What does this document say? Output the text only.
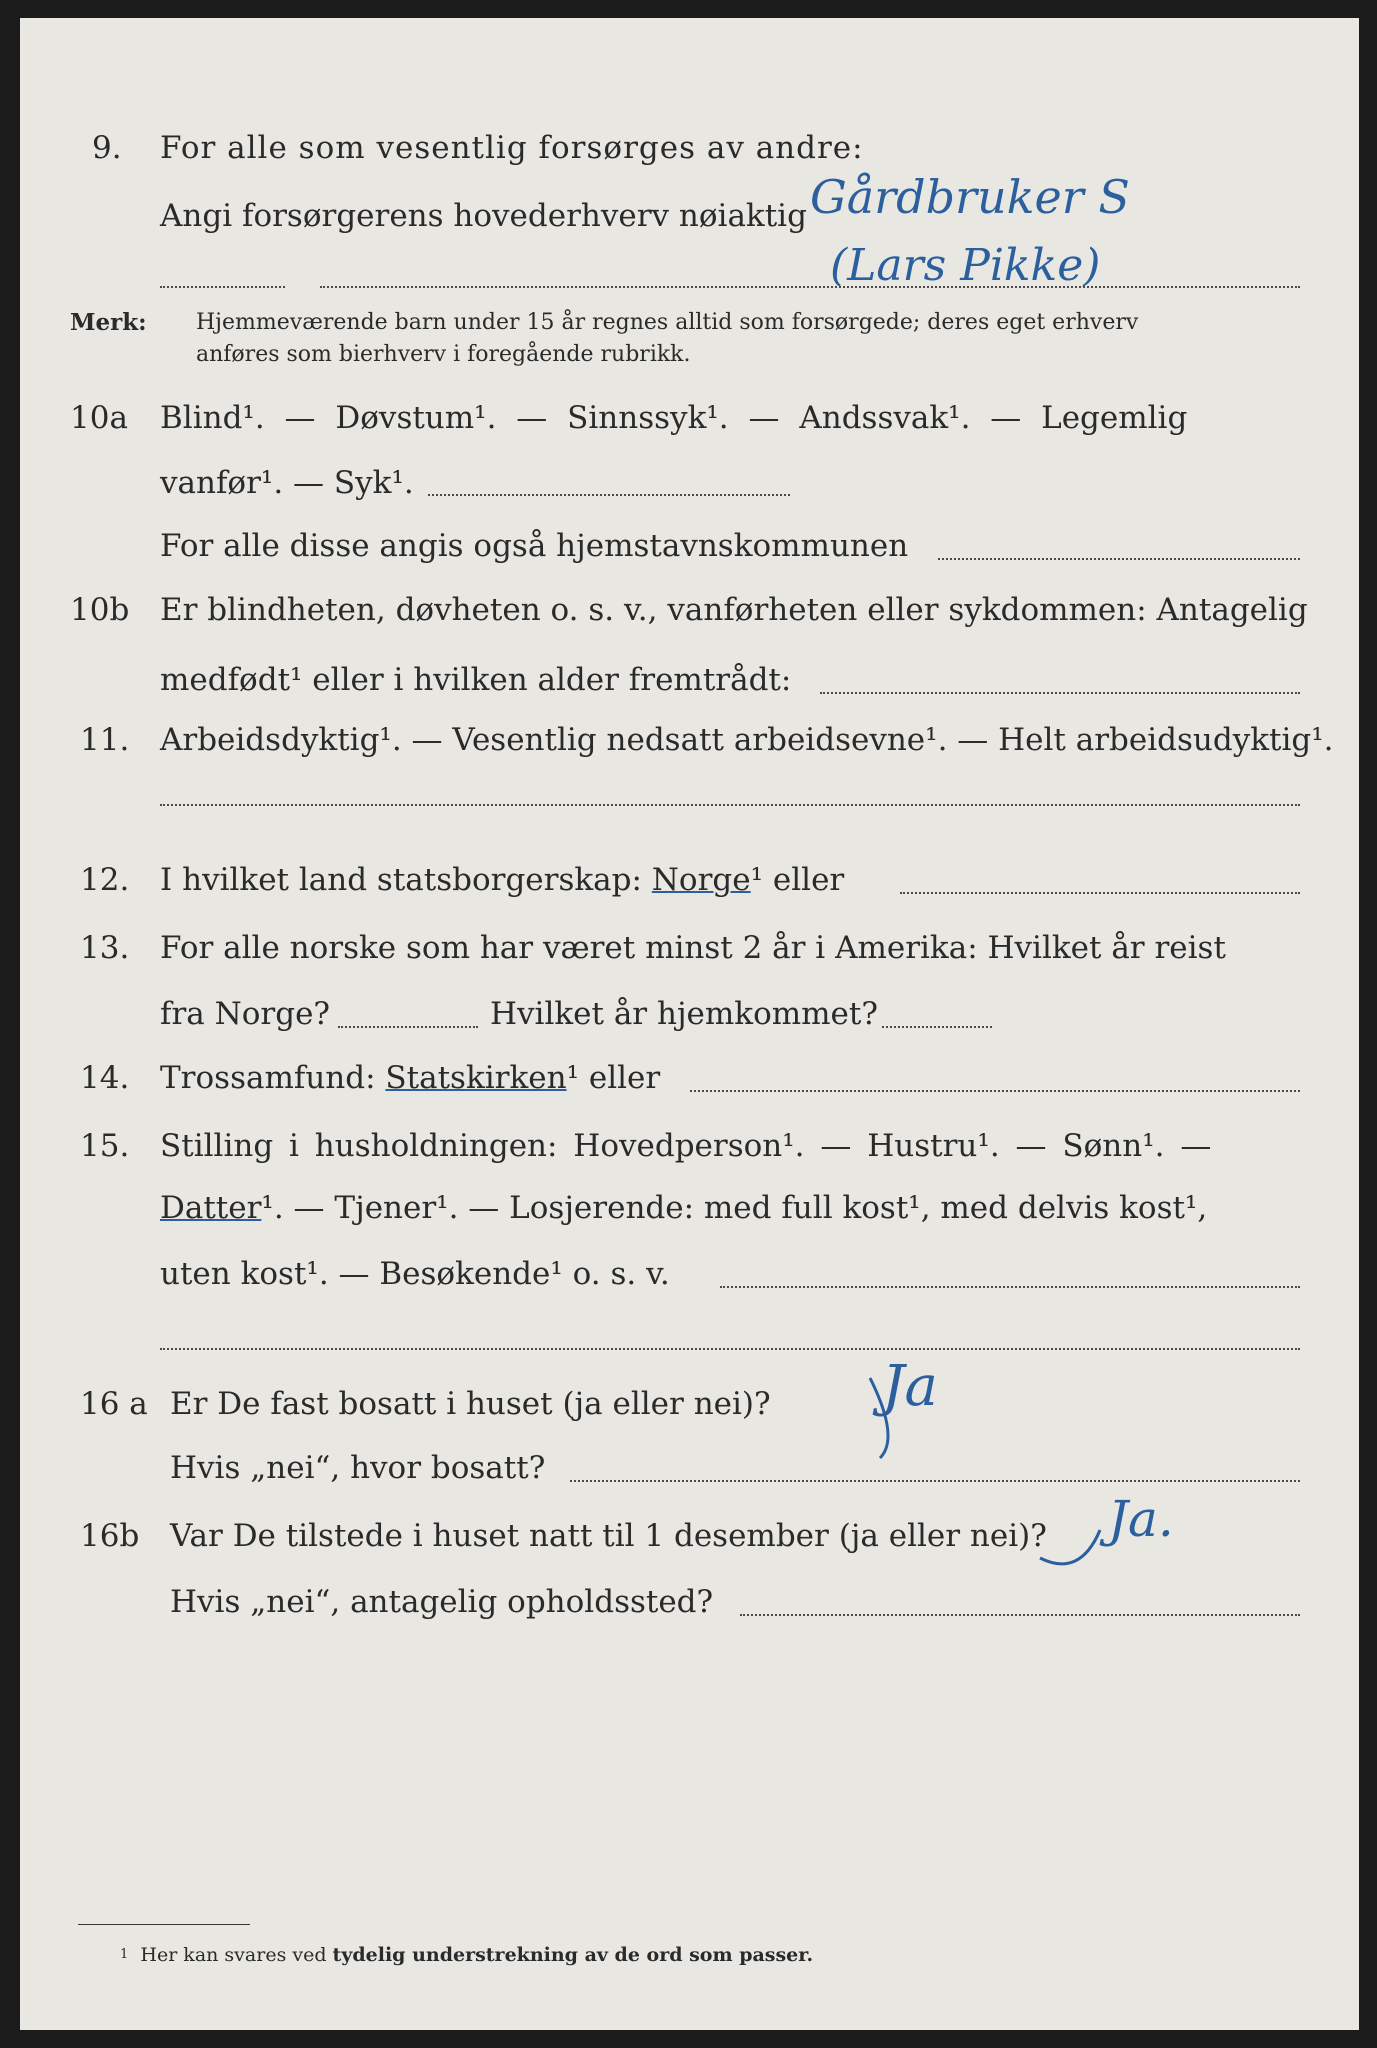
9. For alle som vesentlig forsørges av andre:
Angi forsørgerens hovederhverv nøiaktig Gårdbruker S
(Lars Pikke)
Merk: Hjemmeværende barn under 15 år regnes alltid som forsørgede; deres eget erhverv
anføres som bierhverv i foregående rubrikk.
10a Blind¹. — Døvstum¹. — Sinnssyk¹. — Andssvak¹. — Legemlig
vanfør¹. — Syk¹.
For alle disse angis også hjemstavnskommunen
10b Er blindheten, døvheten o. s. v., vanførheten eller sykdommen: Antagelig
medfødt¹ eller i hvilken alder fremtrådt:
11. Arbeidsdyktig¹. — Vesentlig nedsatt arbeidsevne¹. — Helt arbeidsudyktig¹.
12. I hvilket land statsborgerskap: Norge¹ eller
13. For alle norske som har været minst 2 år i Amerika: Hvilket år reist
fra Norge?	Hvilket år hjemkommet?
14. Trossamfund: Statskirken¹ eller
15. Stilling i husholdningen: Hovedperson¹. — Hustru¹. — Sønn¹. —
Datter¹. — Tjener¹. — Losjerende: med full kost¹, med delvis kost¹,
uten kost¹. — Besøkende¹ o. s. v.
16 a Er De fast bosatt i huset (ja eller nei)? Ja
Hvis „nei“, hvor bosatt?
16b Var De tilstede i huset natt til 1 desember (ja eller nei)? Ja.
Hvis „nei“, antagelig opholdssted?
$^1$ Her kan svares ved tydelig understrekning av de ord som passer.
